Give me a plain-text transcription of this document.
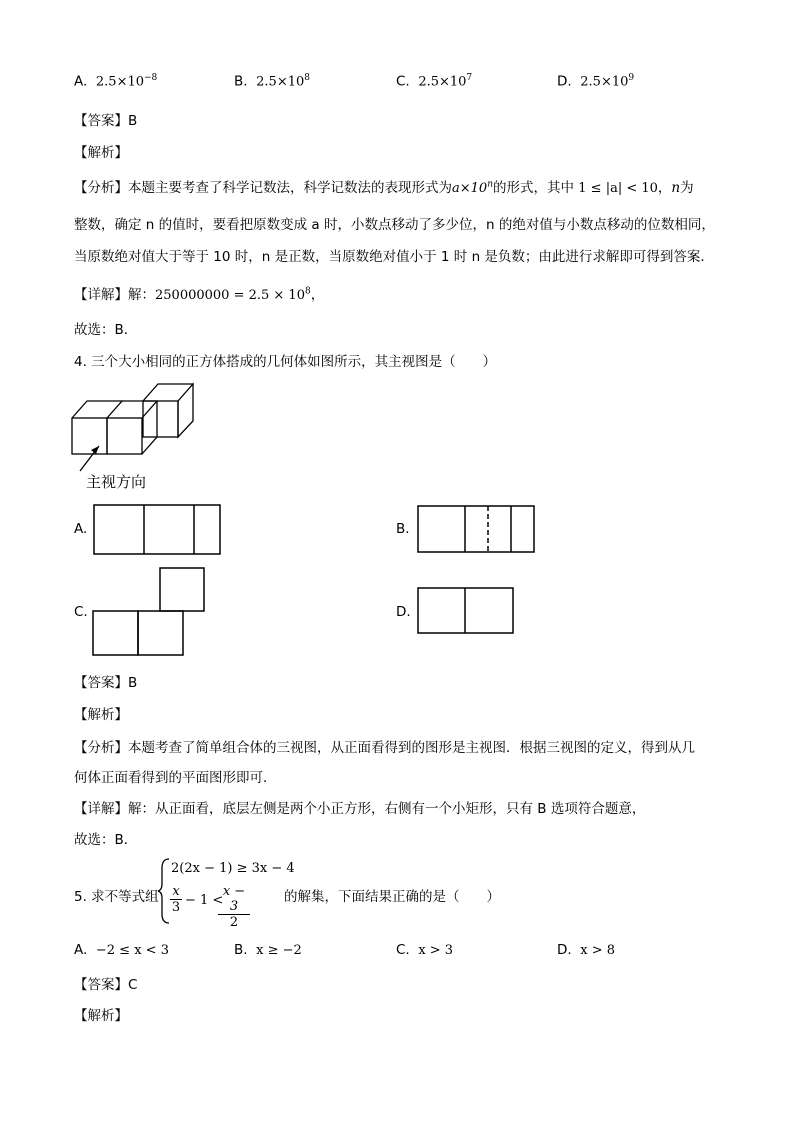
A. $2.5\times 10^{-8}$	B. $2.5\times 10^8$	C. $2.5\times 10^7$	D. $2.5\times 10^9$
【答案】B
【解析】
【分析】本题主要考查了科学记数法，科学记数法的表现形式为$a\times 10^n$的形式，其中 1 ≤ |a| < 10，n为
整数，确定 n 的值时，要看把原数变成 a 时，小数点移动了多少位，n 的绝对值与小数点移动的位数相同，
当原数绝对值大于等于 10 时，n 是正数，当原数绝对值小于 1 时 n 是负数；由此进行求解即可得到答案．
【详解】解：$250000000 = 2.5 \times 10^8$，
故选：B．
4. 三个大小相同的正方体搭成的几何体如图所示，其主视图是（　　）
主视方向
A.	B.
C.	D.
【答案】B
【解析】
【分析】本题考查了简单组合体的三视图，从正面看得到的图形是主视图．根据三视图的定义，得到从几
何体正面看得到的平面图形即可．
【详解】解：从正面看，底层左侧是两个小正方形，右侧有一个小矩形，只有 B 选项符合题意，
故选：B．
5. 求不等式组
2(2x − 1) ≥ 3x − 4
$\frac{x}{3} - 1$ <
$\frac{x - 3}{2}$	的解集，下面结果正确的是（　　）
A. −2 ≤ x < 3	B. x ≥ −2	C. x > 3	D. x > 8
【答案】C
【解析】
